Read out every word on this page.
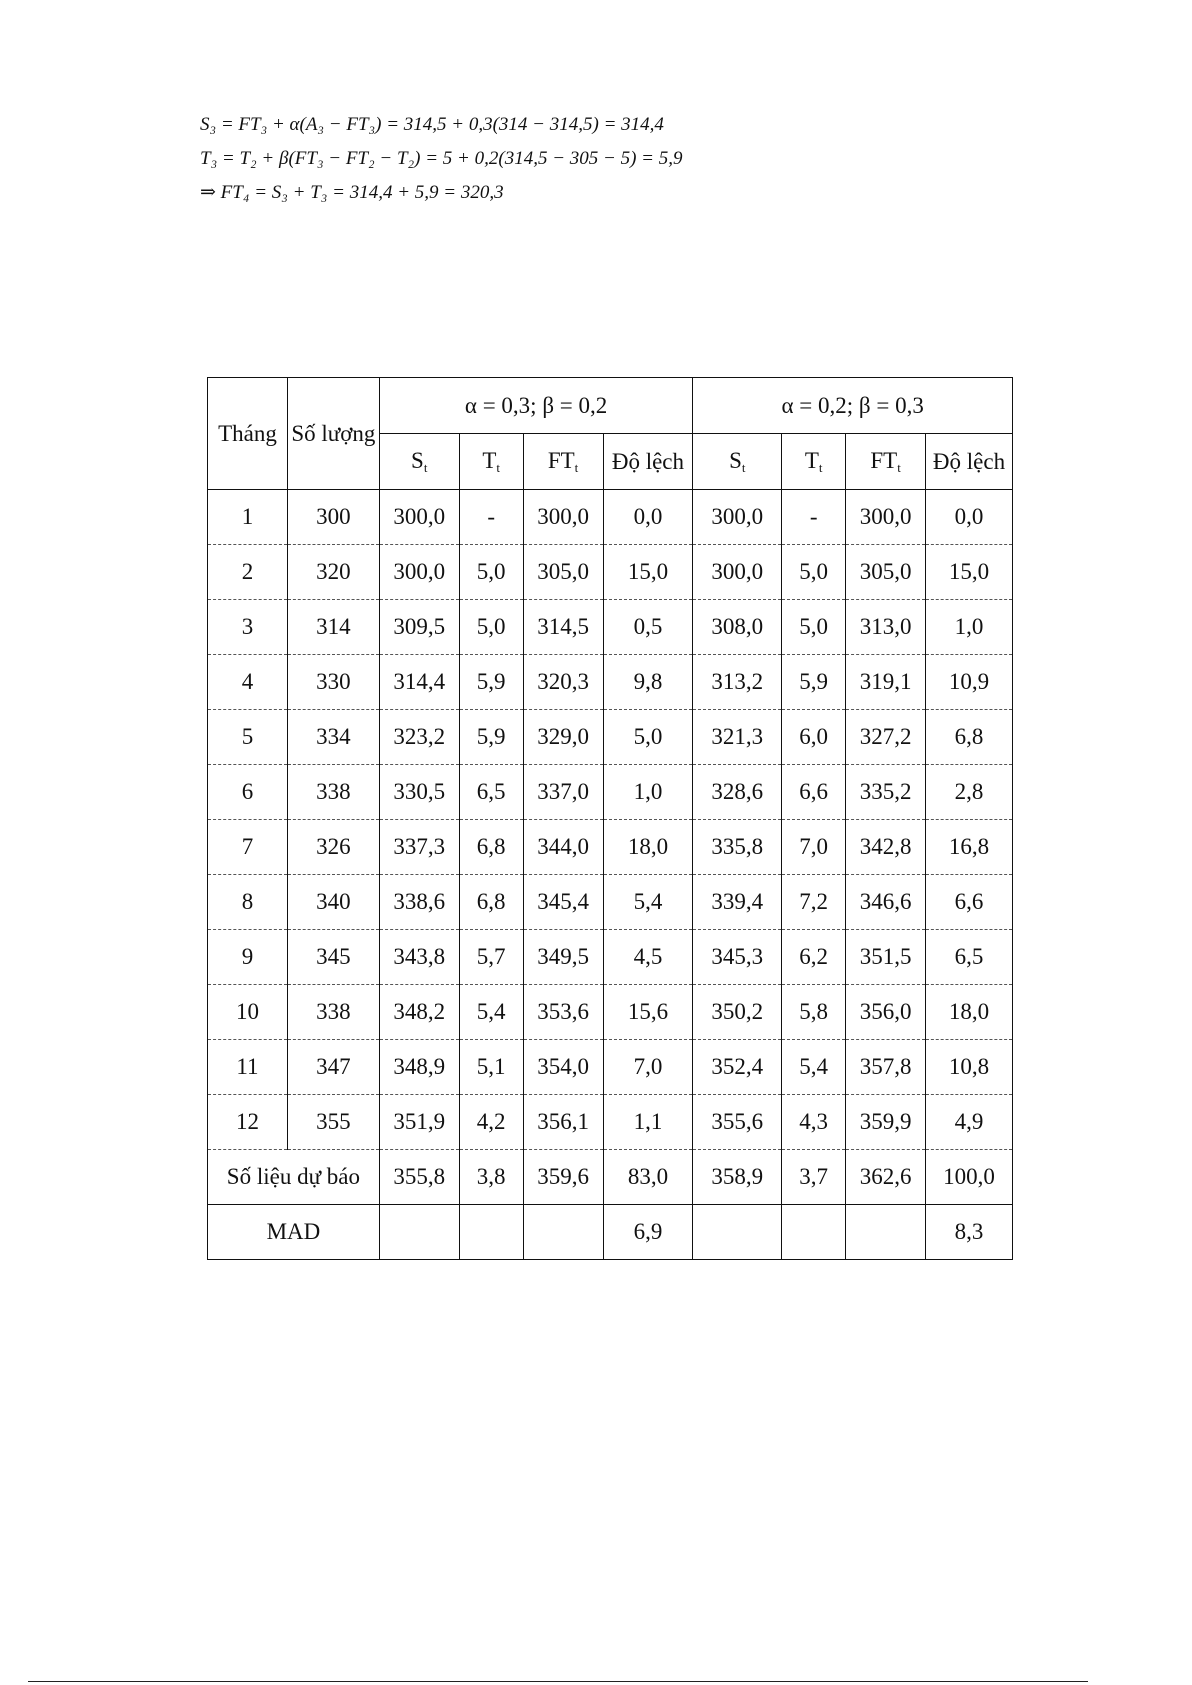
S₃ = FT₃ + α(A₃ − FT₃) = 314,5 + 0,3(314 − 314,5) = 314,4
T₃ = T₂ + β(FT₃ − FT₂ − T₂) = 5 + 0,2(314,5 − 305 − 5) = 5,9
⇒ FT₄ = S₃ + T₃ = 314,4 + 5,9 = 320,3
Tháng	Số lượng	α = 0,3; β = 0,2				α = 0,2; β = 0,3			
		$S_t$	$T_t$	$FT_t$	Độ lệch	$S_t$	$T_t$	$FT_t$	Độ lệch
1	300	300,0	-	300,0	0,0	300,0	-	300,0	0,0
2	320	300,0	5,0	305,0	15,0	300,0	5,0	305,0	15,0
3	314	309,5	5,0	314,5	0,5	308,0	5,0	313,0	1,0
4	330	314,4	5,9	320,3	9,8	313,2	5,9	319,1	10,9
5	334	323,2	5,9	329,0	5,0	321,3	6,0	327,2	6,8
6	338	330,5	6,5	337,0	1,0	328,6	6,6	335,2	2,8
7	326	337,3	6,8	344,0	18,0	335,8	7,0	342,8	16,8
8	340	338,6	6,8	345,4	5,4	339,4	7,2	346,6	6,6
9	345	343,8	5,7	349,5	4,5	345,3	6,2	351,5	6,5
10	338	348,2	5,4	353,6	15,6	350,2	5,8	356,0	18,0
11	347	348,9	5,1	354,0	7,0	352,4	5,4	357,8	10,8
12	355	351,9	4,2	356,1	1,1	355,6	4,3	359,9	4,9
Số liệu dự báo		355,8	3,8	359,6	83,0	358,9	3,7	362,6	100,0
MAD					6,9				8,3
